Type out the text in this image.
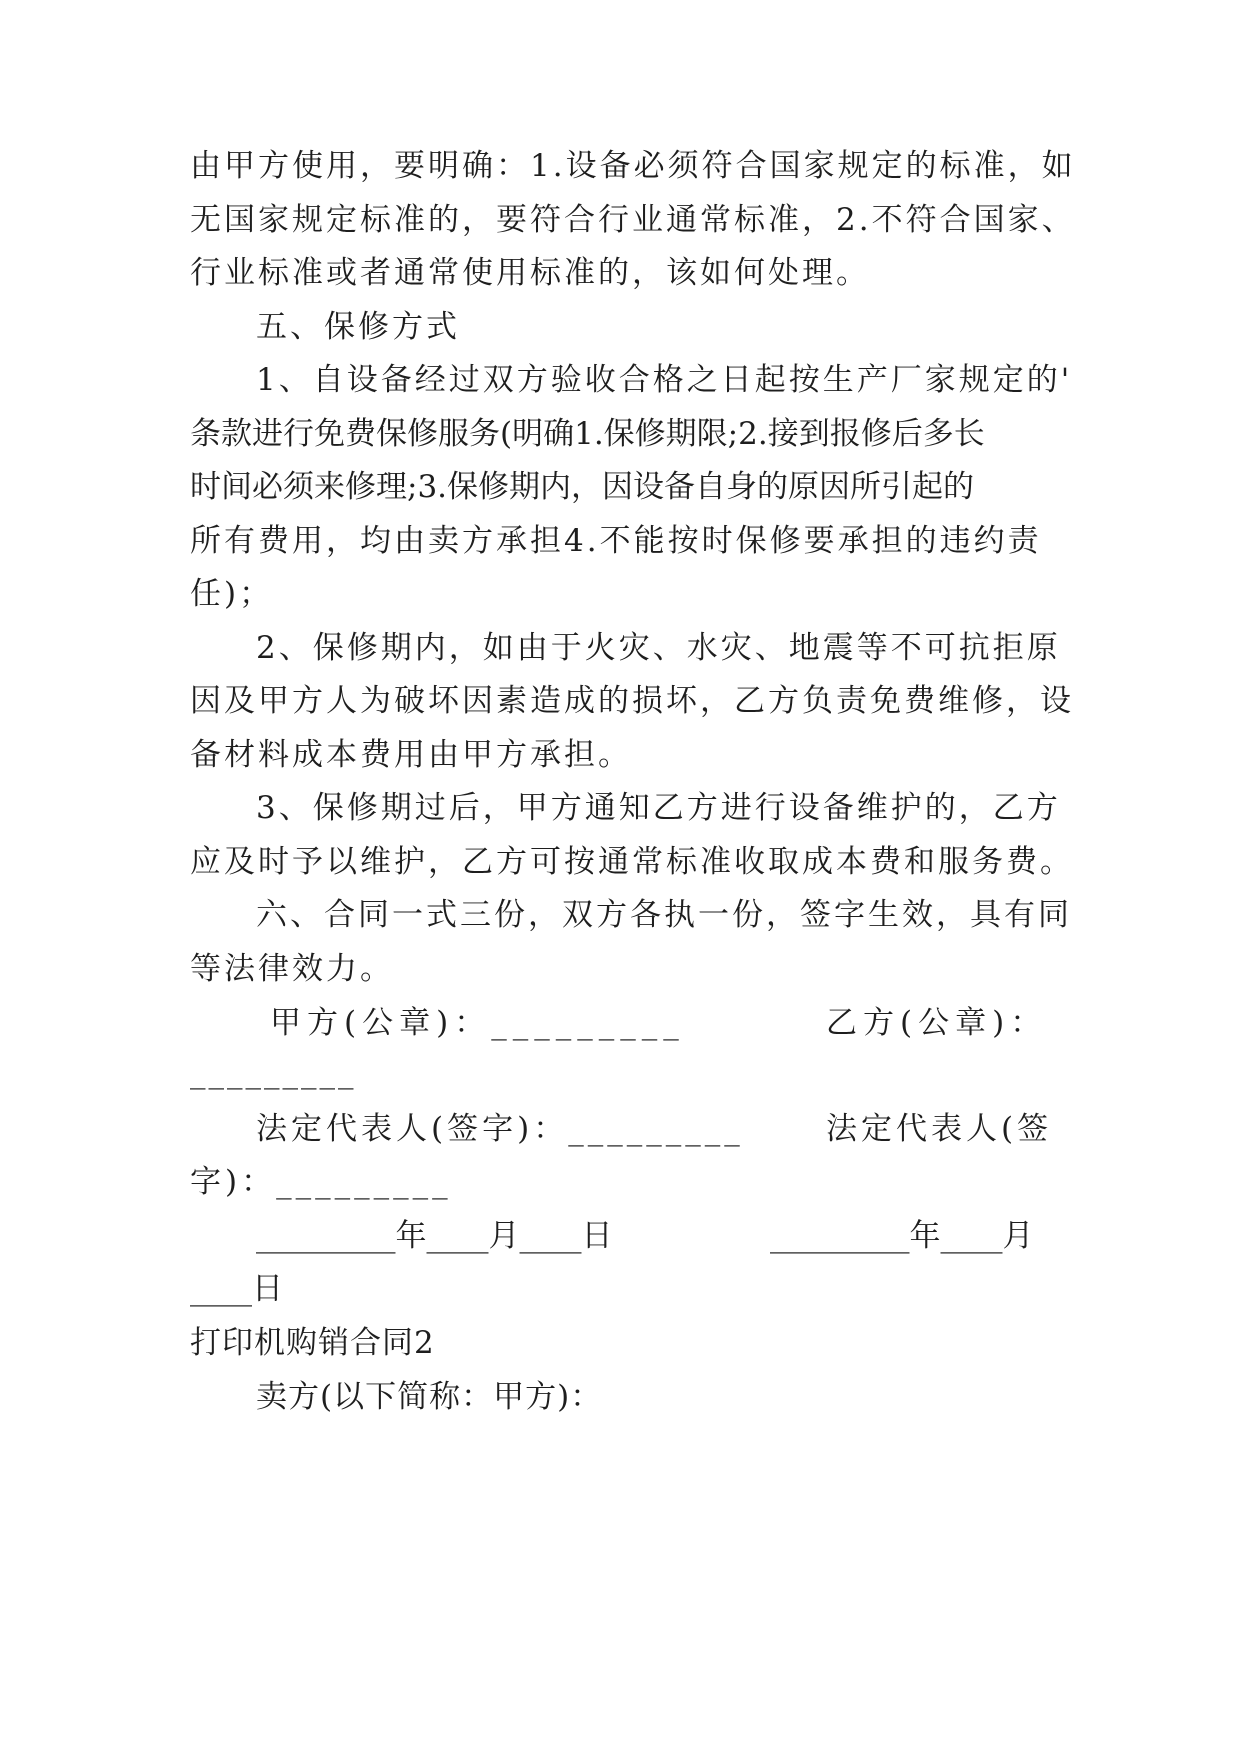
由甲方使用，要明确：1.设备必须符合国家规定的标准，如
无国家规定标准的，要符合行业通常标准，2.不符合国家、
行业标准或者通常使用标准的，该如何处理。
五、保修方式
1、自设备经过双方验收合格之日起按生产厂家规定的'
条款进行免费保修服务(明确1.保修期限;2.接到报修后多长
时间必须来修理;3.保修期内，因设备自身的原因所引起的
所有费用，均由卖方承担4.不能按时保修要承担的违约责
任)；
2、保修期内，如由于火灾、水灾、地震等不可抗拒原
因及甲方人为破坏因素造成的损坏，乙方负责免费维修，设
备材料成本费用由甲方承担。
3、保修期过后，甲方通知乙方进行设备维护的，乙方
应及时予以维护，乙方可按通常标准收取成本费和服务费。
六、合同一式三份，双方各执一份，签字生效，具有同
等法律效力。
甲方(公章)：_________	乙方(公章)：
_________
法定代表人(签字)：_________	法定代表人(签
字)：_________
_________年____月____日	_________年____月
____日
打印机购销合同2
卖方(以下简称：甲方)：
